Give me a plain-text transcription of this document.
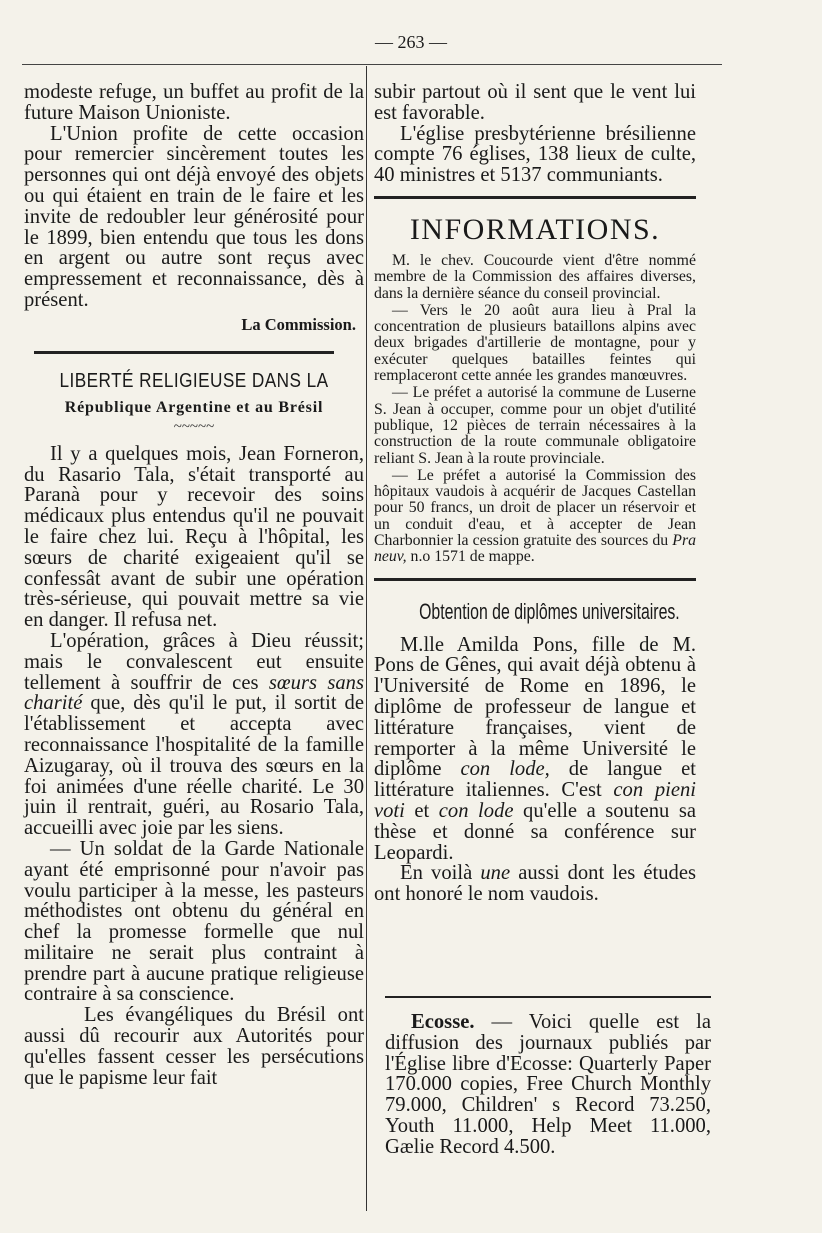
— 263 —

modeste refuge, un buffet au profit de la future Maison Unioniste.

L'Union profite de cette occasion pour remercier sincèrement toutes les personnes qui ont déjà envoyé des objets ou qui étaient en train de le faire et les invite de redoubler leur générosité pour le 1899, bien entendu que tous les dons en argent ou autre sont reçus avec empressement et reconnaissance, dès à présent.

La Commission.

LIBERTÉ RELIGIEUSE DANS LA
République Argentine et au Brésil
~~~~~

Il y a quelques mois, Jean Forneron, du Rasario Tala, s'était transporté au Paranà pour y recevoir des soins médicaux plus entendus qu'il ne pouvait le faire chez lui. Reçu à l'hôpital, les sœurs de charité exigeaient qu'il se confessât avant de subir une opération très-sérieuse, qui pouvait mettre sa vie en danger. Il refusa net.

L'opération, grâces à Dieu réussit; mais le convalescent eut ensuite tellement à souffrir de ces sœurs sans charité que, dès qu'il le put, il sortit de l'établissement et accepta avec reconnaissance l'hospitalité de la famille Aizugaray, où il trouva des sœurs en la foi animées d'une réelle charité. Le 30 juin il rentrait, guéri, au Rosario Tala, accueilli avec joie par les siens.

— Un soldat de la Garde Nationale ayant été emprisonné pour n'avoir pas voulu participer à la messe, les pasteurs méthodistes ont obtenu du général en chef la promesse formelle que nul militaire ne serait plus contraint à prendre part à aucune pratique religieuse contraire à sa conscience.

Les évangéliques du Brésil ont aussi dû recourir aux Autorités pour qu'elles fassent cesser les persécutions que le papisme leur fait

subir partout où il sent que le vent lui est favorable.

L'église presbytérienne brésilienne compte 76 églises, 138 lieux de culte, 40 ministres et 5137 communiants.

INFORMATIONS.

M. le chev. Coucourde vient d'être nommé membre de la Commission des affaires diverses, dans la dernière séance du conseil provincial.

— Vers le 20 août aura lieu à Pral la concentration de plusieurs bataillons alpins avec deux brigades d'artillerie de montagne, pour y exécuter quelques batailles feintes qui remplaceront cette année les grandes manœuvres.

— Le préfet a autorisé la commune de Luserne S. Jean à occuper, comme pour un objet d'utilité publique, 12 pièces de terrain nécessaires à la construction de la route communale obligatoire reliant S. Jean à la route provinciale.

— Le préfet a autorisé la Commission des hôpitaux vaudois à acquérir de Jacques Castellan pour 50 francs, un droit de placer un réservoir et un conduit d'eau, et à accepter de Jean Charbonnier la cession gratuite des sources du Pra neuv, n.o 1571 de mappe.

Obtention de diplômes universitaires.

M.lle Amilda Pons, fille de M. Pons de Gênes, qui avait déjà obtenu à l'Université de Rome en 1896, le diplôme de professeur de langue et littérature françaises, vient de remporter à la même Université le diplôme con lode, de langue et littérature italiennes. C'est con pieni voti et con lode qu'elle a soutenu sa thèse et donné sa conférence sur Leopardi.

En voilà une aussi dont les études ont honoré le nom vaudois.

Ecosse. — Voici quelle est la diffusion des journaux publiés par l'Église libre d'Ecosse: Quarterly Paper 170.000 copies, Free Church Monthly 79.000, Children' s Record 73.250, Youth 11.000, Help Meet 11.000, Gælie Record 4.500.
